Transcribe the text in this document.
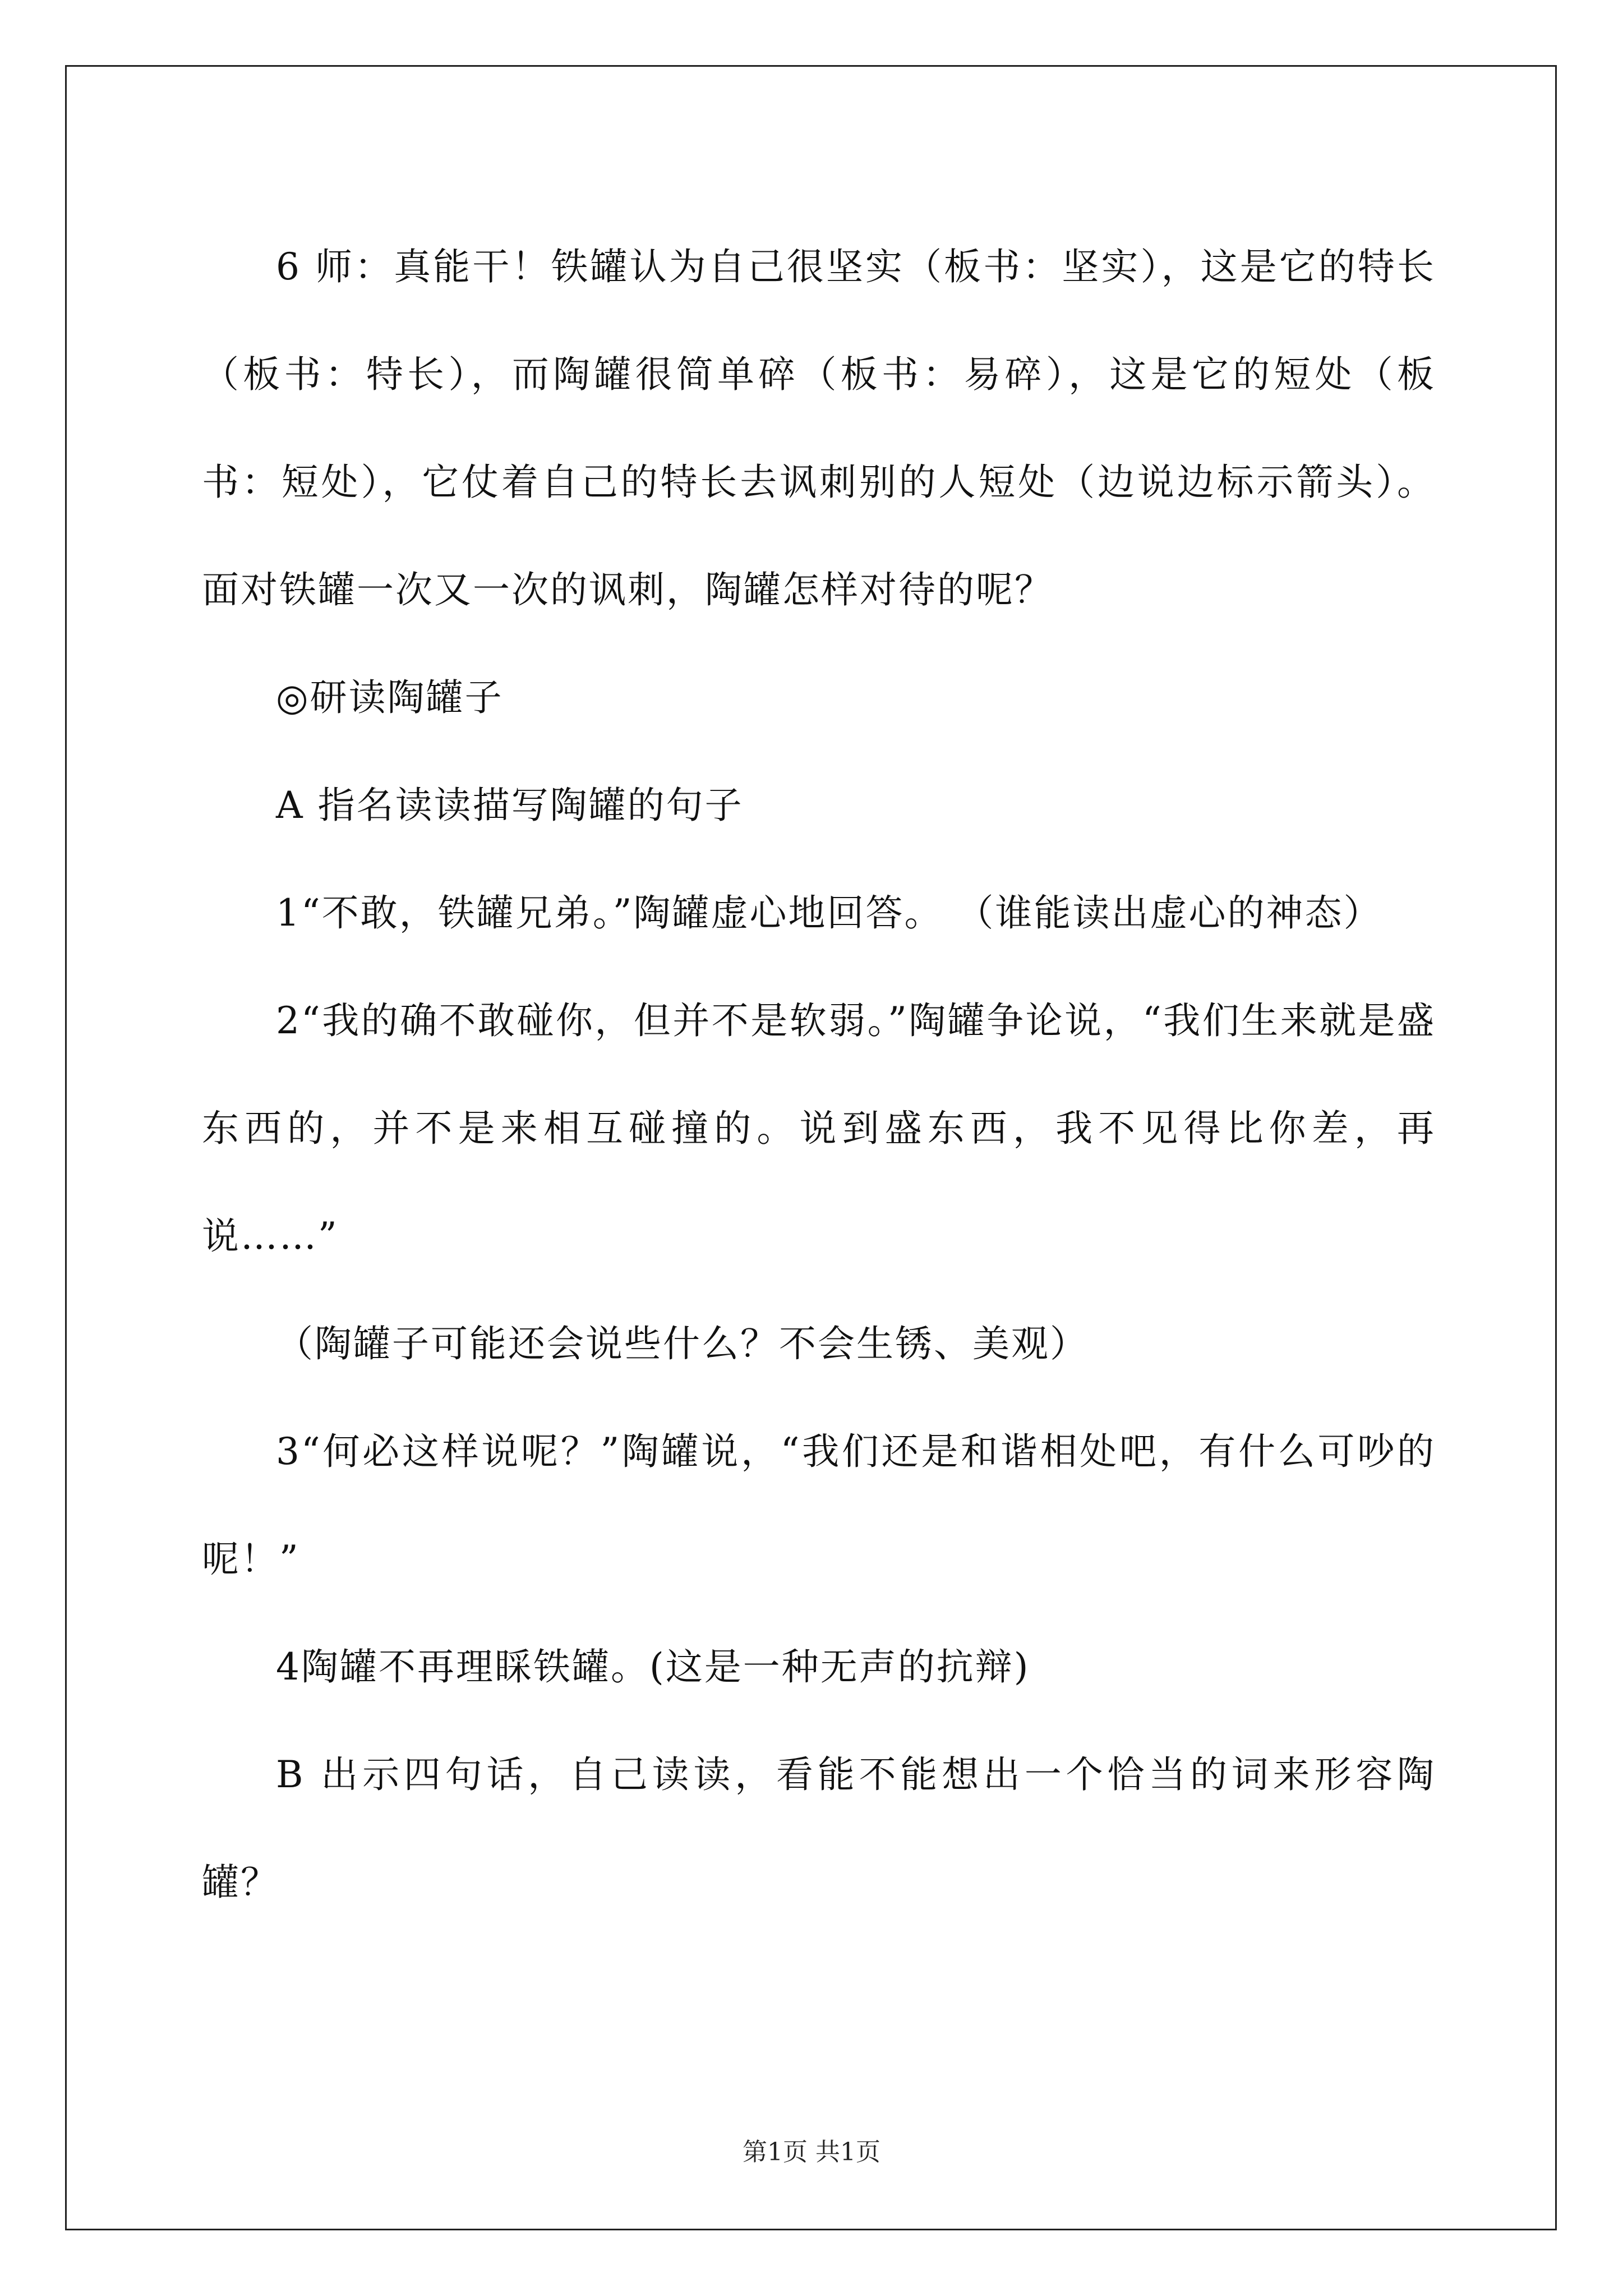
6 师：真能干！铁罐认为自己很坚实（板书：坚实），这是它的特长（板书：特长），而陶罐很简单碎（板书：易碎），这是它的短处（板书：短处），它仗着自己的特长去讽刺别的人短处（边说边标示箭头）。面对铁罐一次又一次的讽刺，陶罐怎样对待的呢？

◎研读陶罐子

A 指名读读描写陶罐的句子

1“不敢，铁罐兄弟。”陶罐虚心地回答。 （谁能读出虚心的神态）

2“我的确不敢碰你，但并不是软弱。”陶罐争论说，“我们生来就是盛东西的，并不是来相互碰撞的。说到盛东西，我不见得比你差，再说……”

（陶罐子可能还会说些什么？不会生锈、美观）

3“何必这样说呢？”陶罐说，“我们还是和谐相处吧，有什么可吵的呢！”

4陶罐不再理睬铁罐。(这是一种无声的抗辩)

B 出示四句话，自己读读，看能不能想出一个恰当的词来形容陶罐？

第1页 共1页
